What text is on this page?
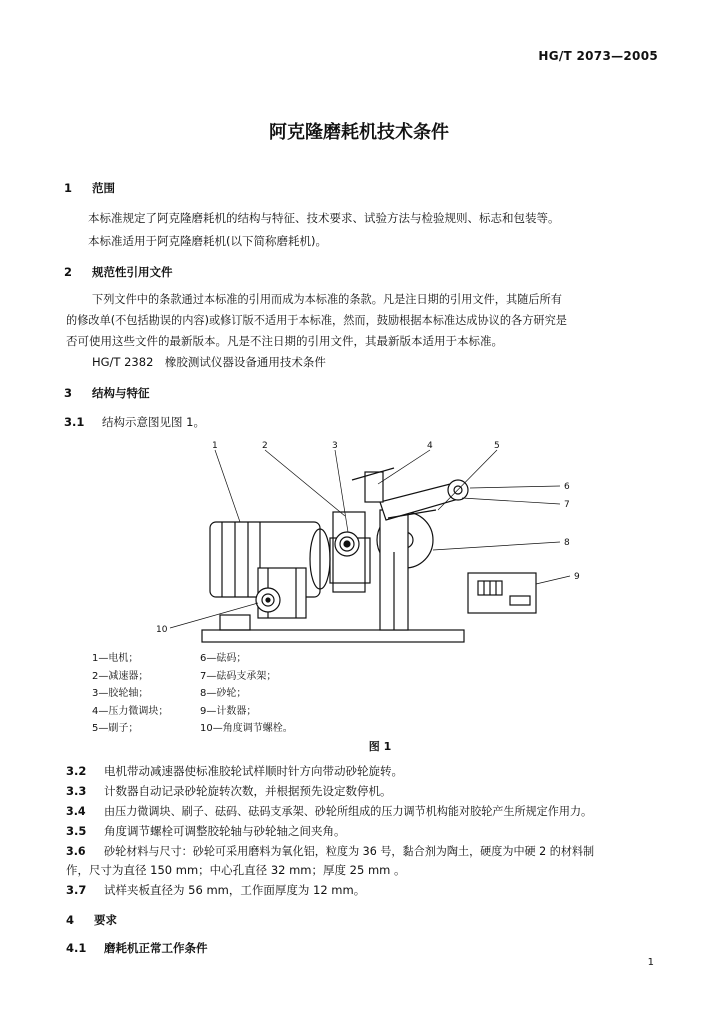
HG/T 2073—2005
阿克隆磨耗机技术条件
1 范围
本标准规定了阿克隆磨耗机的结构与特征、技术要求、试验方法与检验规则、标志和包装等。
本标准适用于阿克隆磨耗机(以下简称磨耗机)。
2 规范性引用文件
下列文件中的条款通过本标准的引用而成为本标准的条款。凡是注日期的引用文件，其随后所有
的修改单(不包括勘误的内容)或修订版不适用于本标准，然而，鼓励根据本标准达成协议的各方研究是
否可使用这些文件的最新版本。凡是不注日期的引用文件，其最新版本适用于本标准。
HG/T 2382　橡胶测试仪器设备通用技术条件
3 结构与特征
3.1 结构示意图见图 1。
1	2	3	4	5
6
7
8
9
10
1—电机；
2—减速器；
3—胶轮轴；
4—压力微调块；
5—刷子；
6—砝码；
7—砝码支承架；
8—砂轮；
9—计数器；
10—角度调节螺栓。
图 1
3.2 电机带动减速器使标准胶轮试样顺时针方向带动砂轮旋转。
3.3 计数器自动记录砂轮旋转次数，并根据预先设定数停机。
3.4 由压力微调块、刷子、砝码、砝码支承架、砂轮所组成的压力调节机构能对胶轮产生所规定作用力。
3.5 角度调节螺栓可调整胶轮轴与砂轮轴之间夹角。
3.6 砂轮材料与尺寸：砂轮可采用磨料为氧化铝，粒度为 36 号，黏合剂为陶土，硬度为中硬 2 的材料制
作，尺寸为直径 150 mm；中心孔直径 32 mm；厚度 25 mm 。
3.7 试样夹板直径为 56 mm，工作面厚度为 12 mm。
4 要求
4.1 磨耗机正常工作条件
1
